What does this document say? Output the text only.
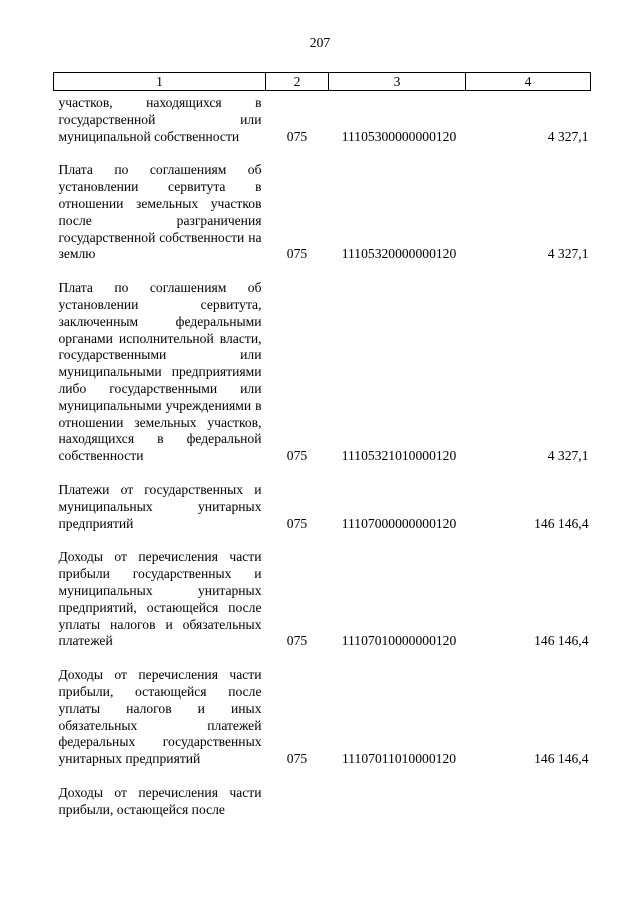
207
1	2	3	4

участков, находящихся в государственной или муниципальной собственности	075	11105300000000120	4 327,1

Плата по соглашениям об установлении сервитута в отношении земельных участков после разграничения государственной собственности на землю	075	11105320000000120	4 327,1

Плата по соглашениям об установлении сервитута, заключенным федеральными органами исполнительной власти, государственными или муниципальными предприятиями либо государственными или муниципальными учреждениями в отношении земельных участков, находящихся в федеральной собственности	075	11105321010000120	4 327,1

Платежи от государственных и муниципальных унитарных предприятий	075	11107000000000120	146 146,4

Доходы от перечисления части прибыли государственных и муниципальных унитарных предприятий, остающейся после уплаты налогов и обязательных платежей	075	11107010000000120	146 146,4

Доходы от перечисления части прибыли, остающейся после уплаты налогов и иных обязательных платежей федеральных государственных унитарных предприятий	075	11107011010000120	146 146,4

Доходы от перечисления части прибыли, остающейся после			
